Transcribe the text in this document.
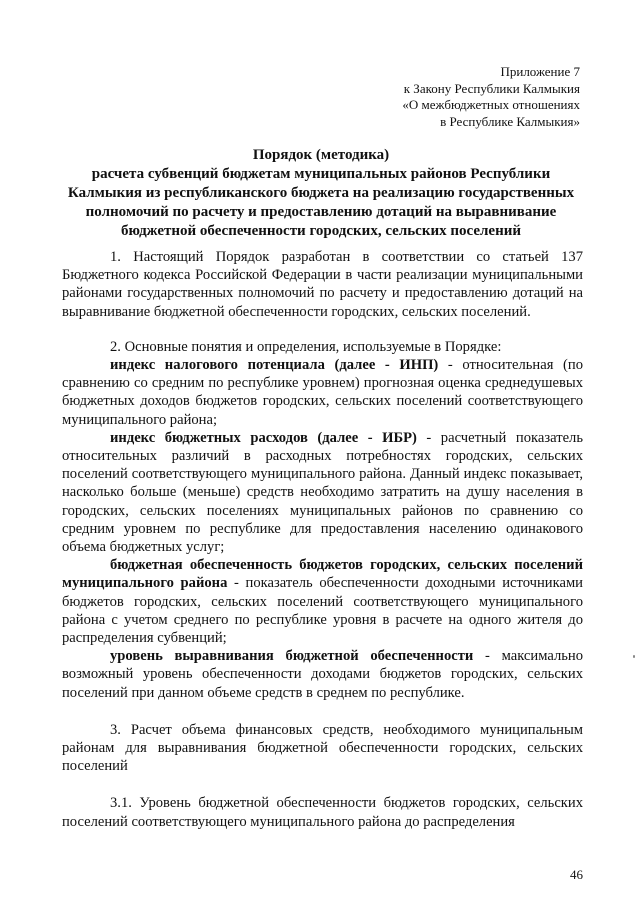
Приложение 7
к Закону Республики Калмыкия
«О межбюджетных отношениях
в Республике Калмыкия»
Порядок (методика)
расчета субвенций бюджетам муниципальных районов Республики
Калмыкия из республиканского бюджета на реализацию государственных
полномочий по расчету и предоставлению дотаций на выравнивание
бюджетной обеспеченности городских, сельских поселений

1. Настоящий Порядок разработан в соответствии со статьей 137 Бюджетного кодекса Российской Федерации в части реализации муниципальными районами государственных полномочий по расчету и предоставлению дотаций на выравнивание бюджетной обеспеченности городских, сельских поселений.

2. Основные понятия и определения, используемые в Порядке:

индекс налогового потенциала (далее - ИНП) - относительная (по сравнению со средним по республике уровнем) прогнозная оценка среднедушевых бюджетных доходов бюджетов городских, сельских поселений соответствующего муниципального района;

индекс бюджетных расходов (далее - ИБР) - расчетный показатель относительных различий в расходных потребностях городских, сельских поселений соответствующего муниципального района. Данный индекс показывает, насколько больше (меньше) средств необходимо затратить на душу населения в городских, сельских поселениях муниципальных районов по сравнению со средним уровнем по республике для предоставления населению одинакового объема бюджетных услуг;

бюджетная обеспеченность бюджетов городских, сельских поселений муниципального района - показатель обеспеченности доходными источниками бюджетов городских, сельских поселений соответствующего муниципального района с учетом среднего по республике уровня в расчете на одного жителя до распределения субвенций;

уровень выравнивания бюджетной обеспеченности - максимально возможный уровень обеспеченности доходами бюджетов городских, сельских поселений при данном объеме средств в среднем по республике.

3. Расчет объема финансовых средств, необходимого муниципальным районам для выравнивания бюджетной обеспеченности городских, сельских поселений

3.1. Уровень бюджетной обеспеченности бюджетов городских, сельских поселений соответствующего муниципального района до распределения

46
